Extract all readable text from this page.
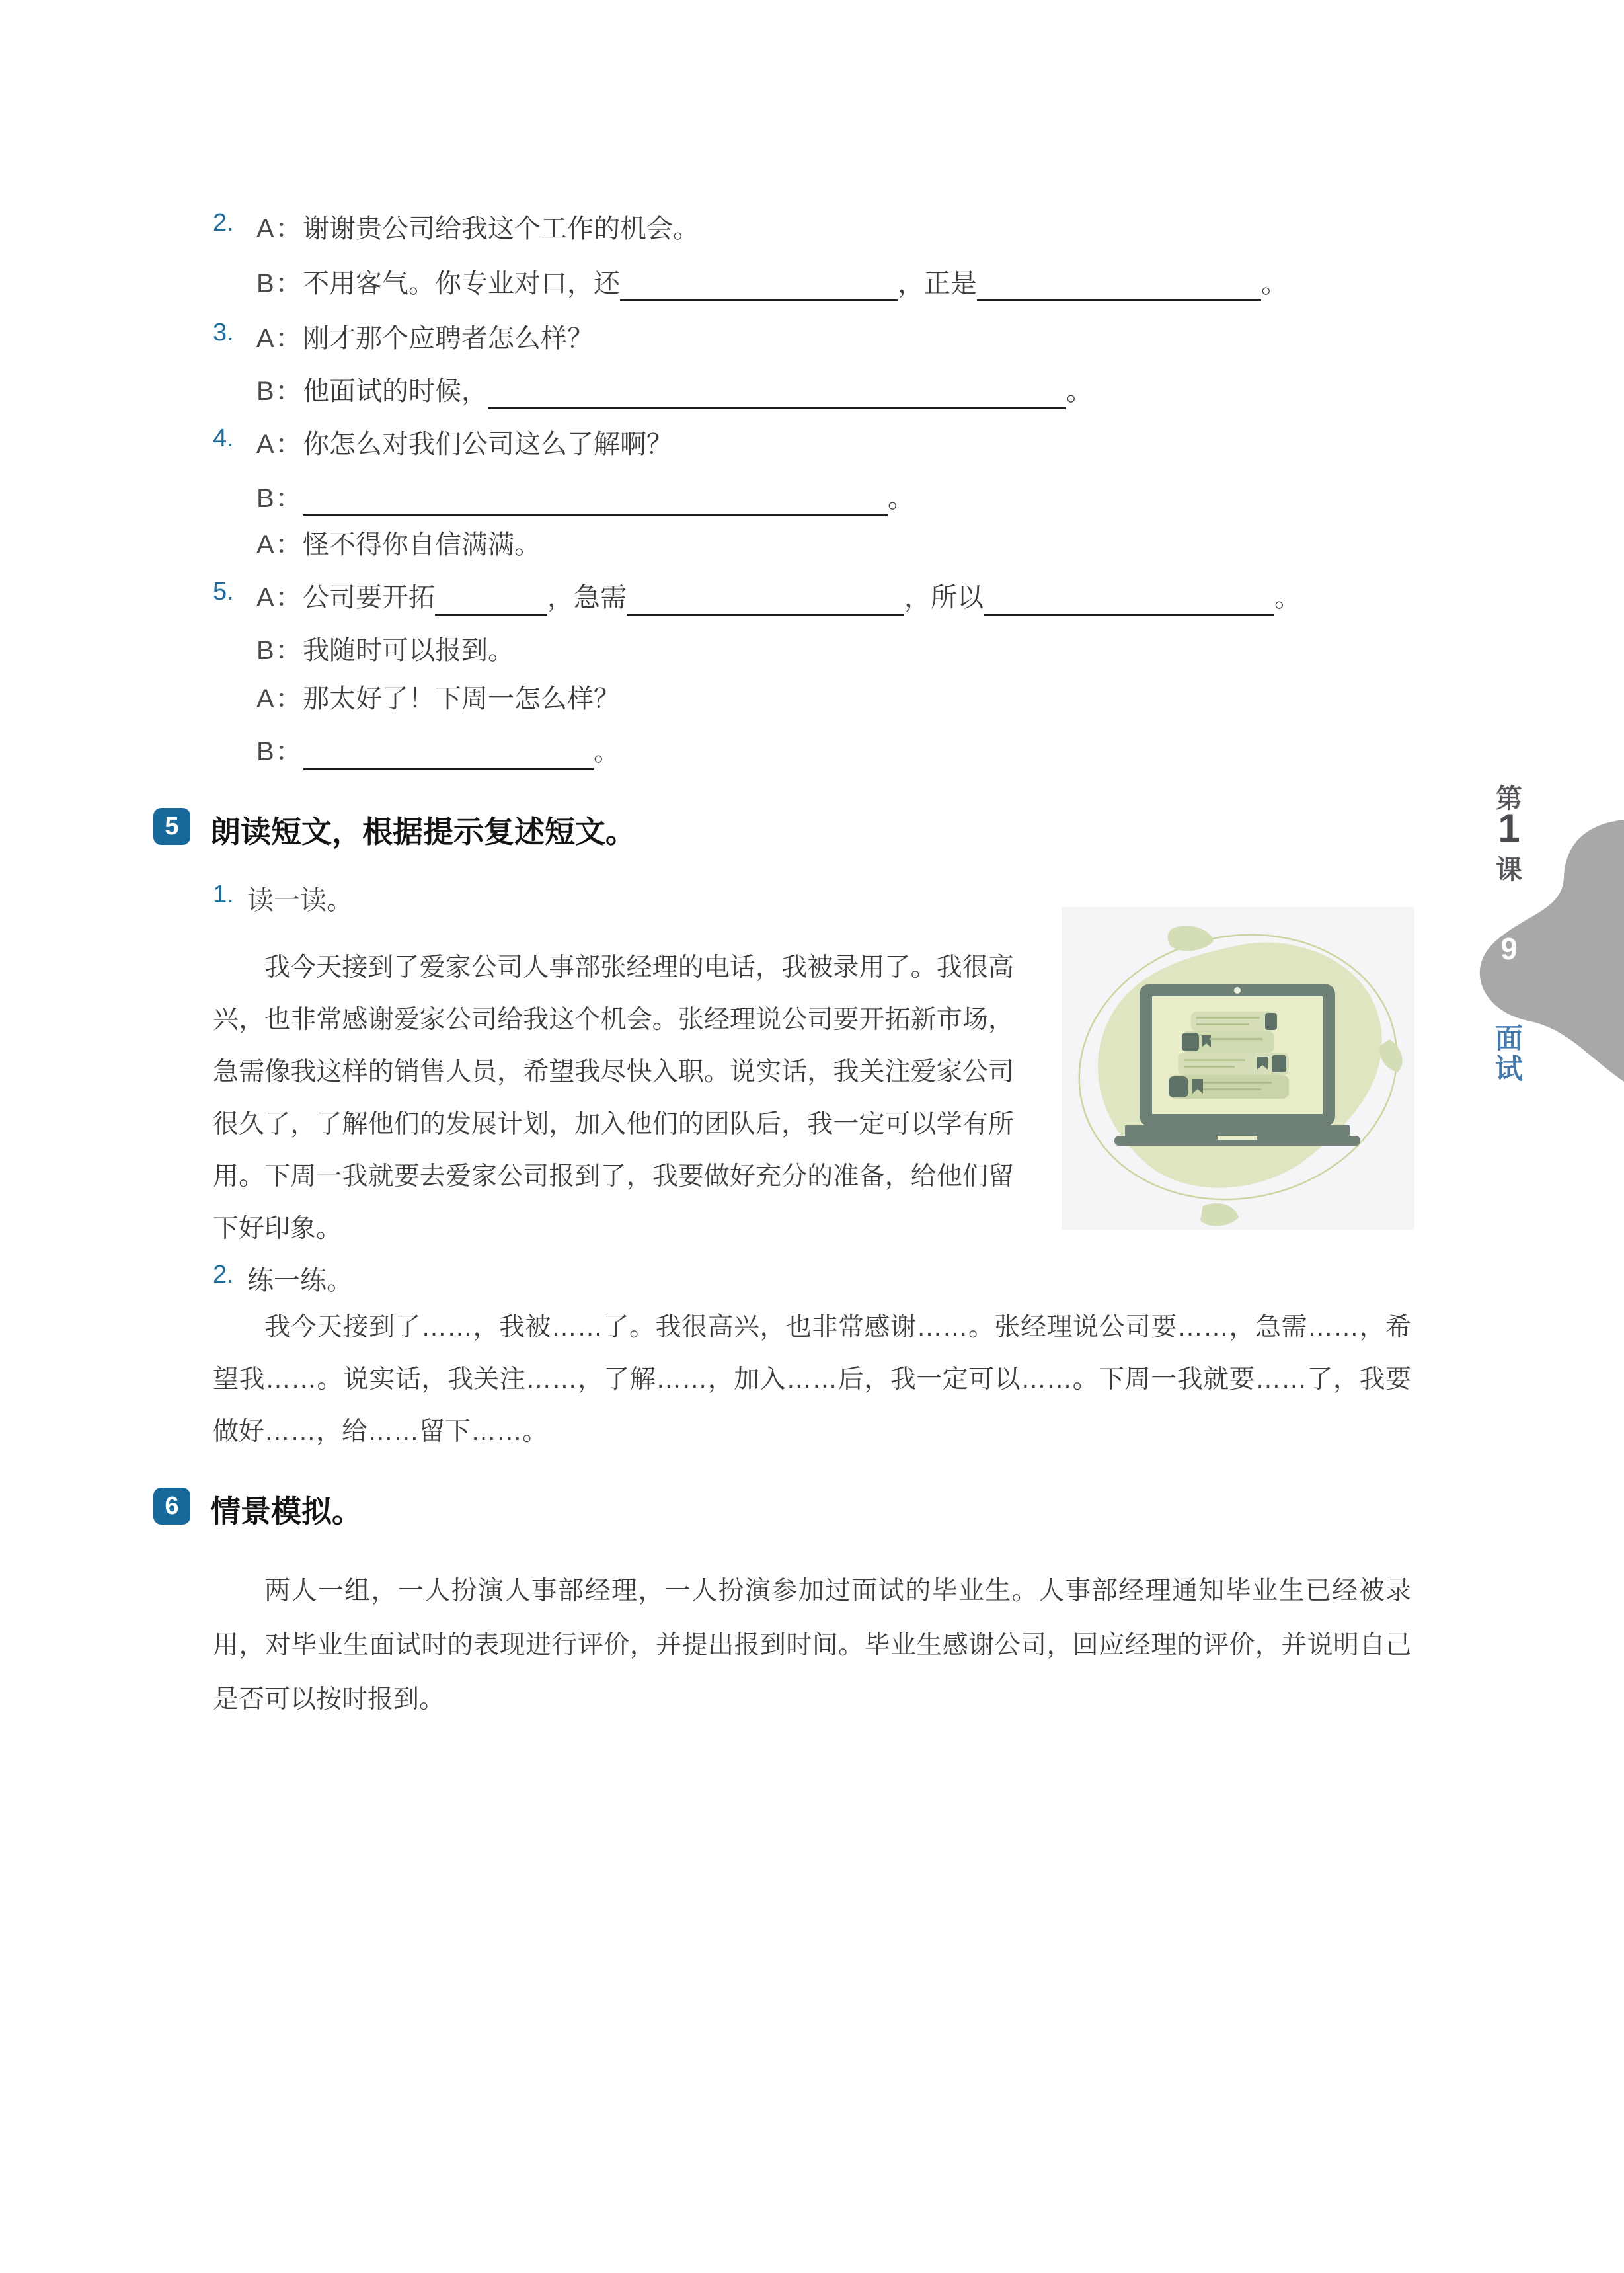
2. A： 谢谢贵公司给我这个工作的机会。
B： 不用客气。你专业对口，还	，正是	。
3. A： 刚才那个应聘者怎么样？
B： 他面试的时候，	。
4. A： 你怎么对我们公司这么了解啊？
B：	。
A： 怪不得你自信满满。
5. A： 公司要开拓	，急需	，所以	。
B： 我随时可以报到。
A： 那太好了！下周一怎么样？
B：	。
5	朗读短文，根据提示复述短文。
1. 读一读。
我今天接到了爱家公司人事部张经理的电话，我被录用了。我很高兴，也非常感谢爱家公司给我这个机会。张经理说公司要开拓新市场，急需像我这样的销售人员，希望我尽快入职。说实话，我关注爱家公司很久了，了解他们的发展计划，加入他们的团队后，我一定可以学有所用。下周一我就要去爱家公司报到了，我要做好充分的准备，给他们留下好印象。
2. 练一练。
我今天接到了……，我被……了。我很高兴，也非常感谢……。张经理说公司要……，急需……，希望我……。说实话，我关注……，了解……，加入……后，我一定可以……。下周一我就要……了，我要做好……，给……留下……。
6	情景模拟。
两人一组，一人扮演人事部经理，一人扮演参加过面试的毕业生。人事部经理通知毕业生已经被录用，对毕业生面试时的表现进行评价，并提出报到时间。毕业生感谢公司，回应经理的评价，并说明自己是否可以按时报到。
第
1
课
9
面
试
